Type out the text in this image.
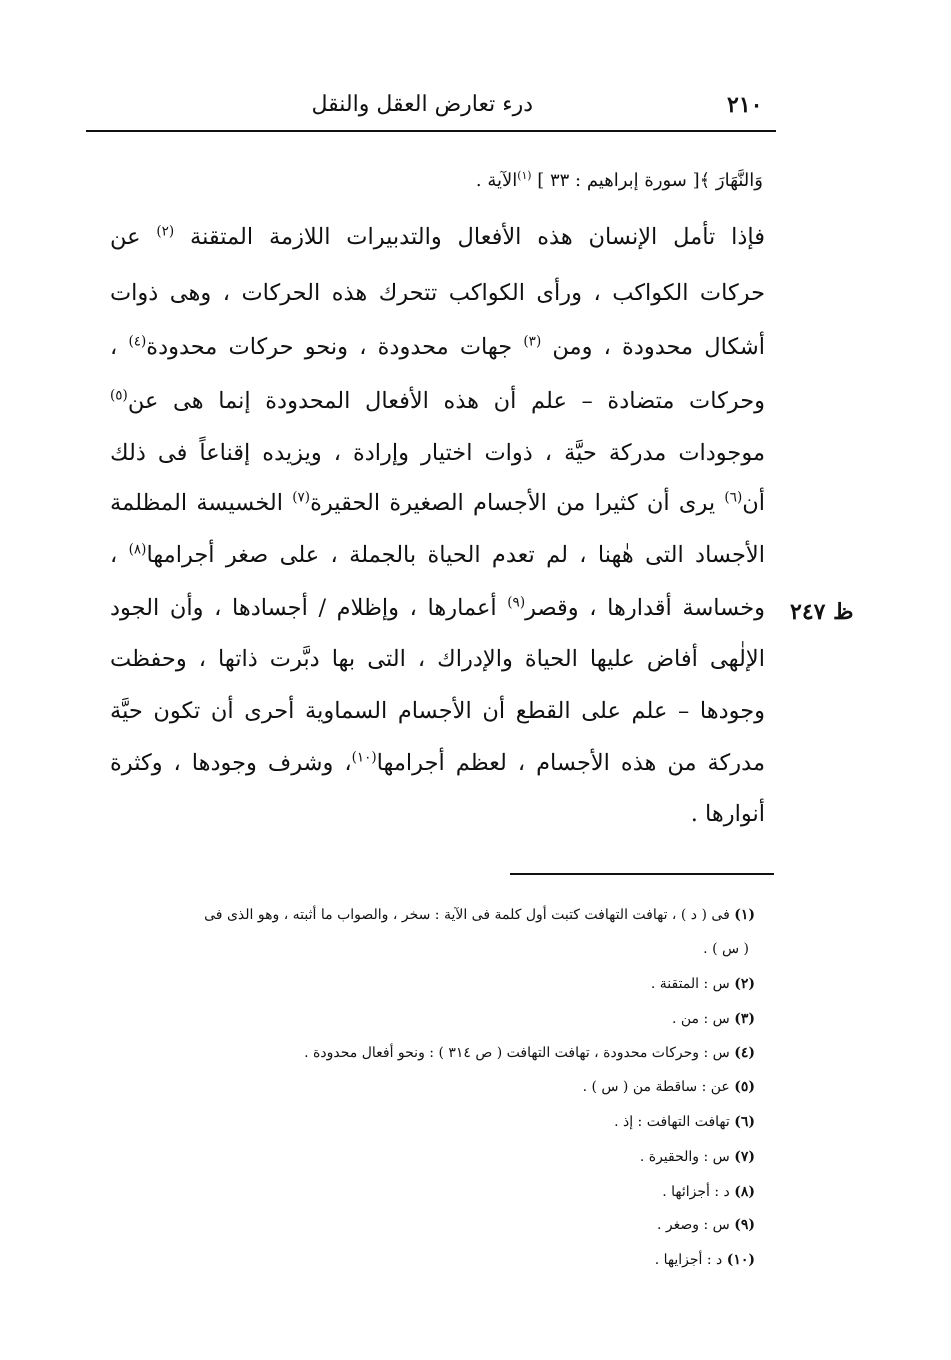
٢١٠
درء تعارض العقل والنقل
وَالنَّهَارَ ﴾[ سورة إبراهيم : ٣٣ ] $^{(١)}$الآية .
فإذا تأمل الإنسان هذه الأفعال والتدبيرات اللازمة المتقنة $^{(٢)}$ عن
حركات الكواكب ، ورأى الكواكب تتحرك هذه الحركات ، وهى ذوات
أشكال محدودة ، ومن $^{(٣)}$ جهات محدودة ، ونحو حركات محدودة$^{(٤)}$ ،
وحركات متضادة – علم أن هذه الأفعال المحدودة إنما هى عن$^{(٥)}$
موجودات مدركة حيَّة ، ذوات اختيار وإرادة ، ويزيده إقناعاً فى ذلك
أن$^{(٦)}$ يرى أن كثيرا من الأجسام الصغيرة الحقيرة$^{(٧)}$ الخسيسة المظلمة
الأجساد التى هٰهنا ، لم تعدم الحياة بالجملة ، على صغر أجرامها$^{(٨)}$ ،
وخساسة أقدارها ، وقصر$^{(٩)}$ أعمارها ، وإظلام / أجسادها ، وأن الجود
الإلٰهى أفاض عليها الحياة والإدراك ، التى بها دبَّرت ذاتها ، وحفظت
وجودها – علم على القطع أن الأجسام السماوية أحرى أن تكون حيَّة
مدركة من هذه الأجسام ، لعظم أجرامها$^{(١٠)}$، وشرف وجودها ، وكثرة
أنوارها .
ظ ٢٤٧
(١) فى ( د ) ، تهافت التهافت كتبت أول كلمة فى الآية : سخر ، والصواب ما أثبته ، وهو الذى فى
( س ) .
(٢) س : المتقنة .
(٣) س : من .
(٤) س : وحركات محدودة ، تهافت التهافت ( ص ٣١٤ ) : ونحو أفعال محدودة .
(٥) عن : ساقطة من ( س ) .
(٦) تهافت التهافت : إذ .
(٧) س : والحقيرة .
(٨) د : أجزائها .
(٩) س : وصغر .
(١٠) د : أجزايها .
